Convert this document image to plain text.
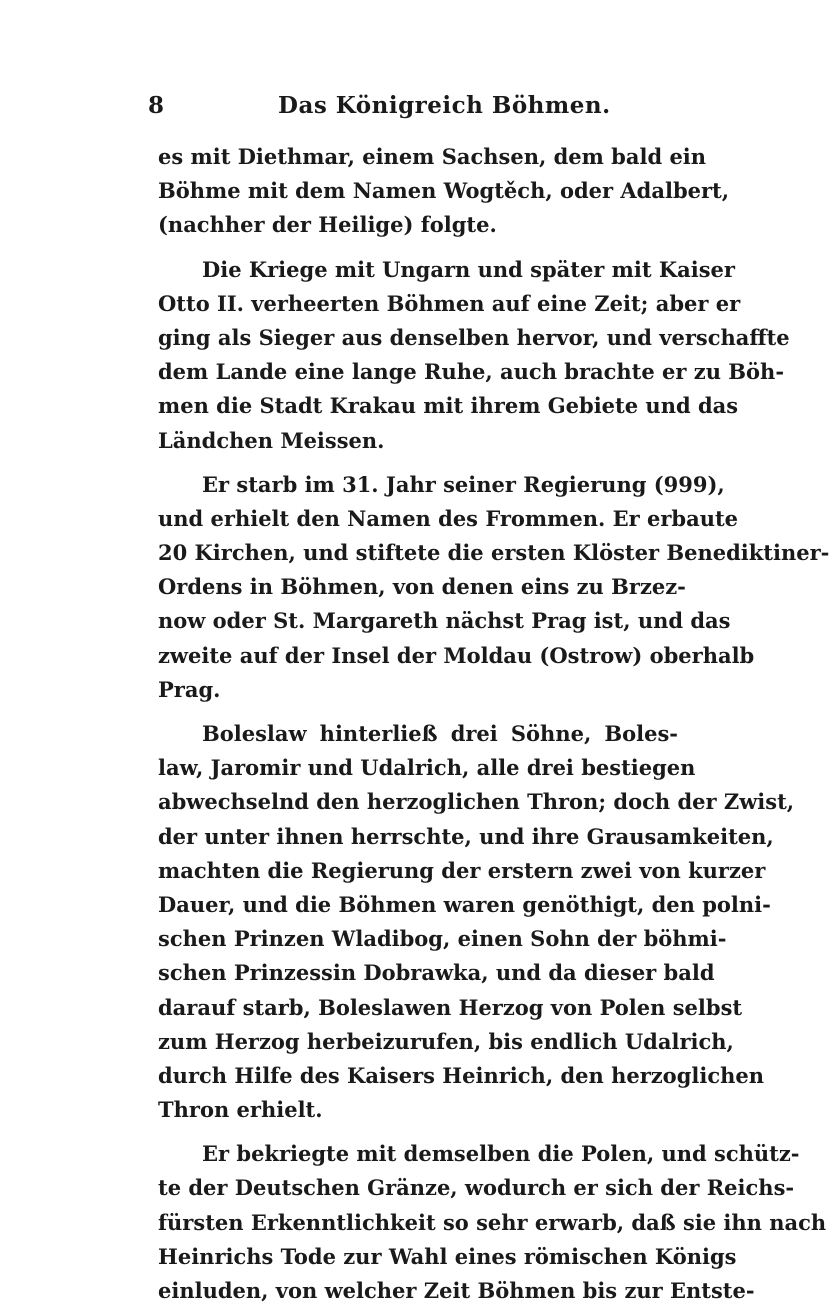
8	Das Königreich Böhmen.
es mit Diethmar, einem Sachsen, dem bald ein
Böhme mit dem Namen Wogtěch, oder Adalbert,
(nachher der Heilige) folgte.
Die Kriege mit Ungarn und später mit Kaiser
Otto II. verheerten Böhmen auf eine Zeit; aber er
ging als Sieger aus denselben hervor, und verschaffte
dem Lande eine lange Ruhe, auch brachte er zu Böh-
men die Stadt Krakau mit ihrem Gebiete und das
Ländchen Meissen.
Er starb im 31. Jahr seiner Regierung (999),
und erhielt den Namen des Frommen. Er erbaute
20 Kirchen, und stiftete die ersten Klöster Benediktiner-
Ordens in Böhmen, von denen eins zu Brzez-
now oder St. Margareth nächst Prag ist, und das
zweite auf der Insel der Moldau (Ostrow) oberhalb
Prag.
Boleslaw hinterließ drei Söhne, Boles-
law, Jaromir und Udalrich, alle drei bestiegen
abwechselnd den herzoglichen Thron; doch der Zwist,
der unter ihnen herrschte, und ihre Grausamkeiten,
machten die Regierung der erstern zwei von kurzer
Dauer, und die Böhmen waren genöthigt, den polni-
schen Prinzen Wladibog, einen Sohn der böhmi-
schen Prinzessin Dobrawka, und da dieser bald
darauf starb, Boleslawen Herzog von Polen selbst
zum Herzog herbeizurufen, bis endlich Udalrich,
durch Hilfe des Kaisers Heinrich, den herzoglichen
Thron erhielt.
Er bekriegte mit demselben die Polen, und schütz-
te der Deutschen Gränze, wodurch er sich der Reichs-
fürsten Erkenntlichkeit so sehr erwarb, daß sie ihn nach
Heinrichs Tode zur Wahl eines römischen Königs
einluden, von welcher Zeit Böhmen bis zur Entste-
